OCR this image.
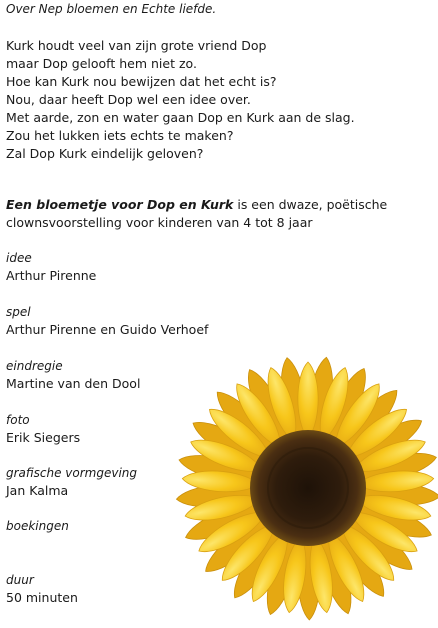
Over Nep bloemen en Echte liefde.
Kurk houdt veel van zijn grote vriend Dop
maar Dop gelooft hem niet zo.
Hoe kan Kurk nou bewijzen dat het echt is?
Nou, daar heeft Dop wel een idee over.
Met aarde, zon en water gaan Dop en Kurk aan de slag.
Zou het lukken iets echts te maken?
Zal Dop Kurk eindelijk geloven?
Een bloemetje voor Dop en Kurk is een dwaze, poëtische clownsvoorstelling voor kinderen van 4 tot 8 jaar
idee
Arthur Pirenne
spel
Arthur Pirenne en Guido Verhoef
eindregie
Martine van den Dool
foto
Erik Siegers
grafische vormgeving
Jan Kalma
boekingen
duur
50 minuten
